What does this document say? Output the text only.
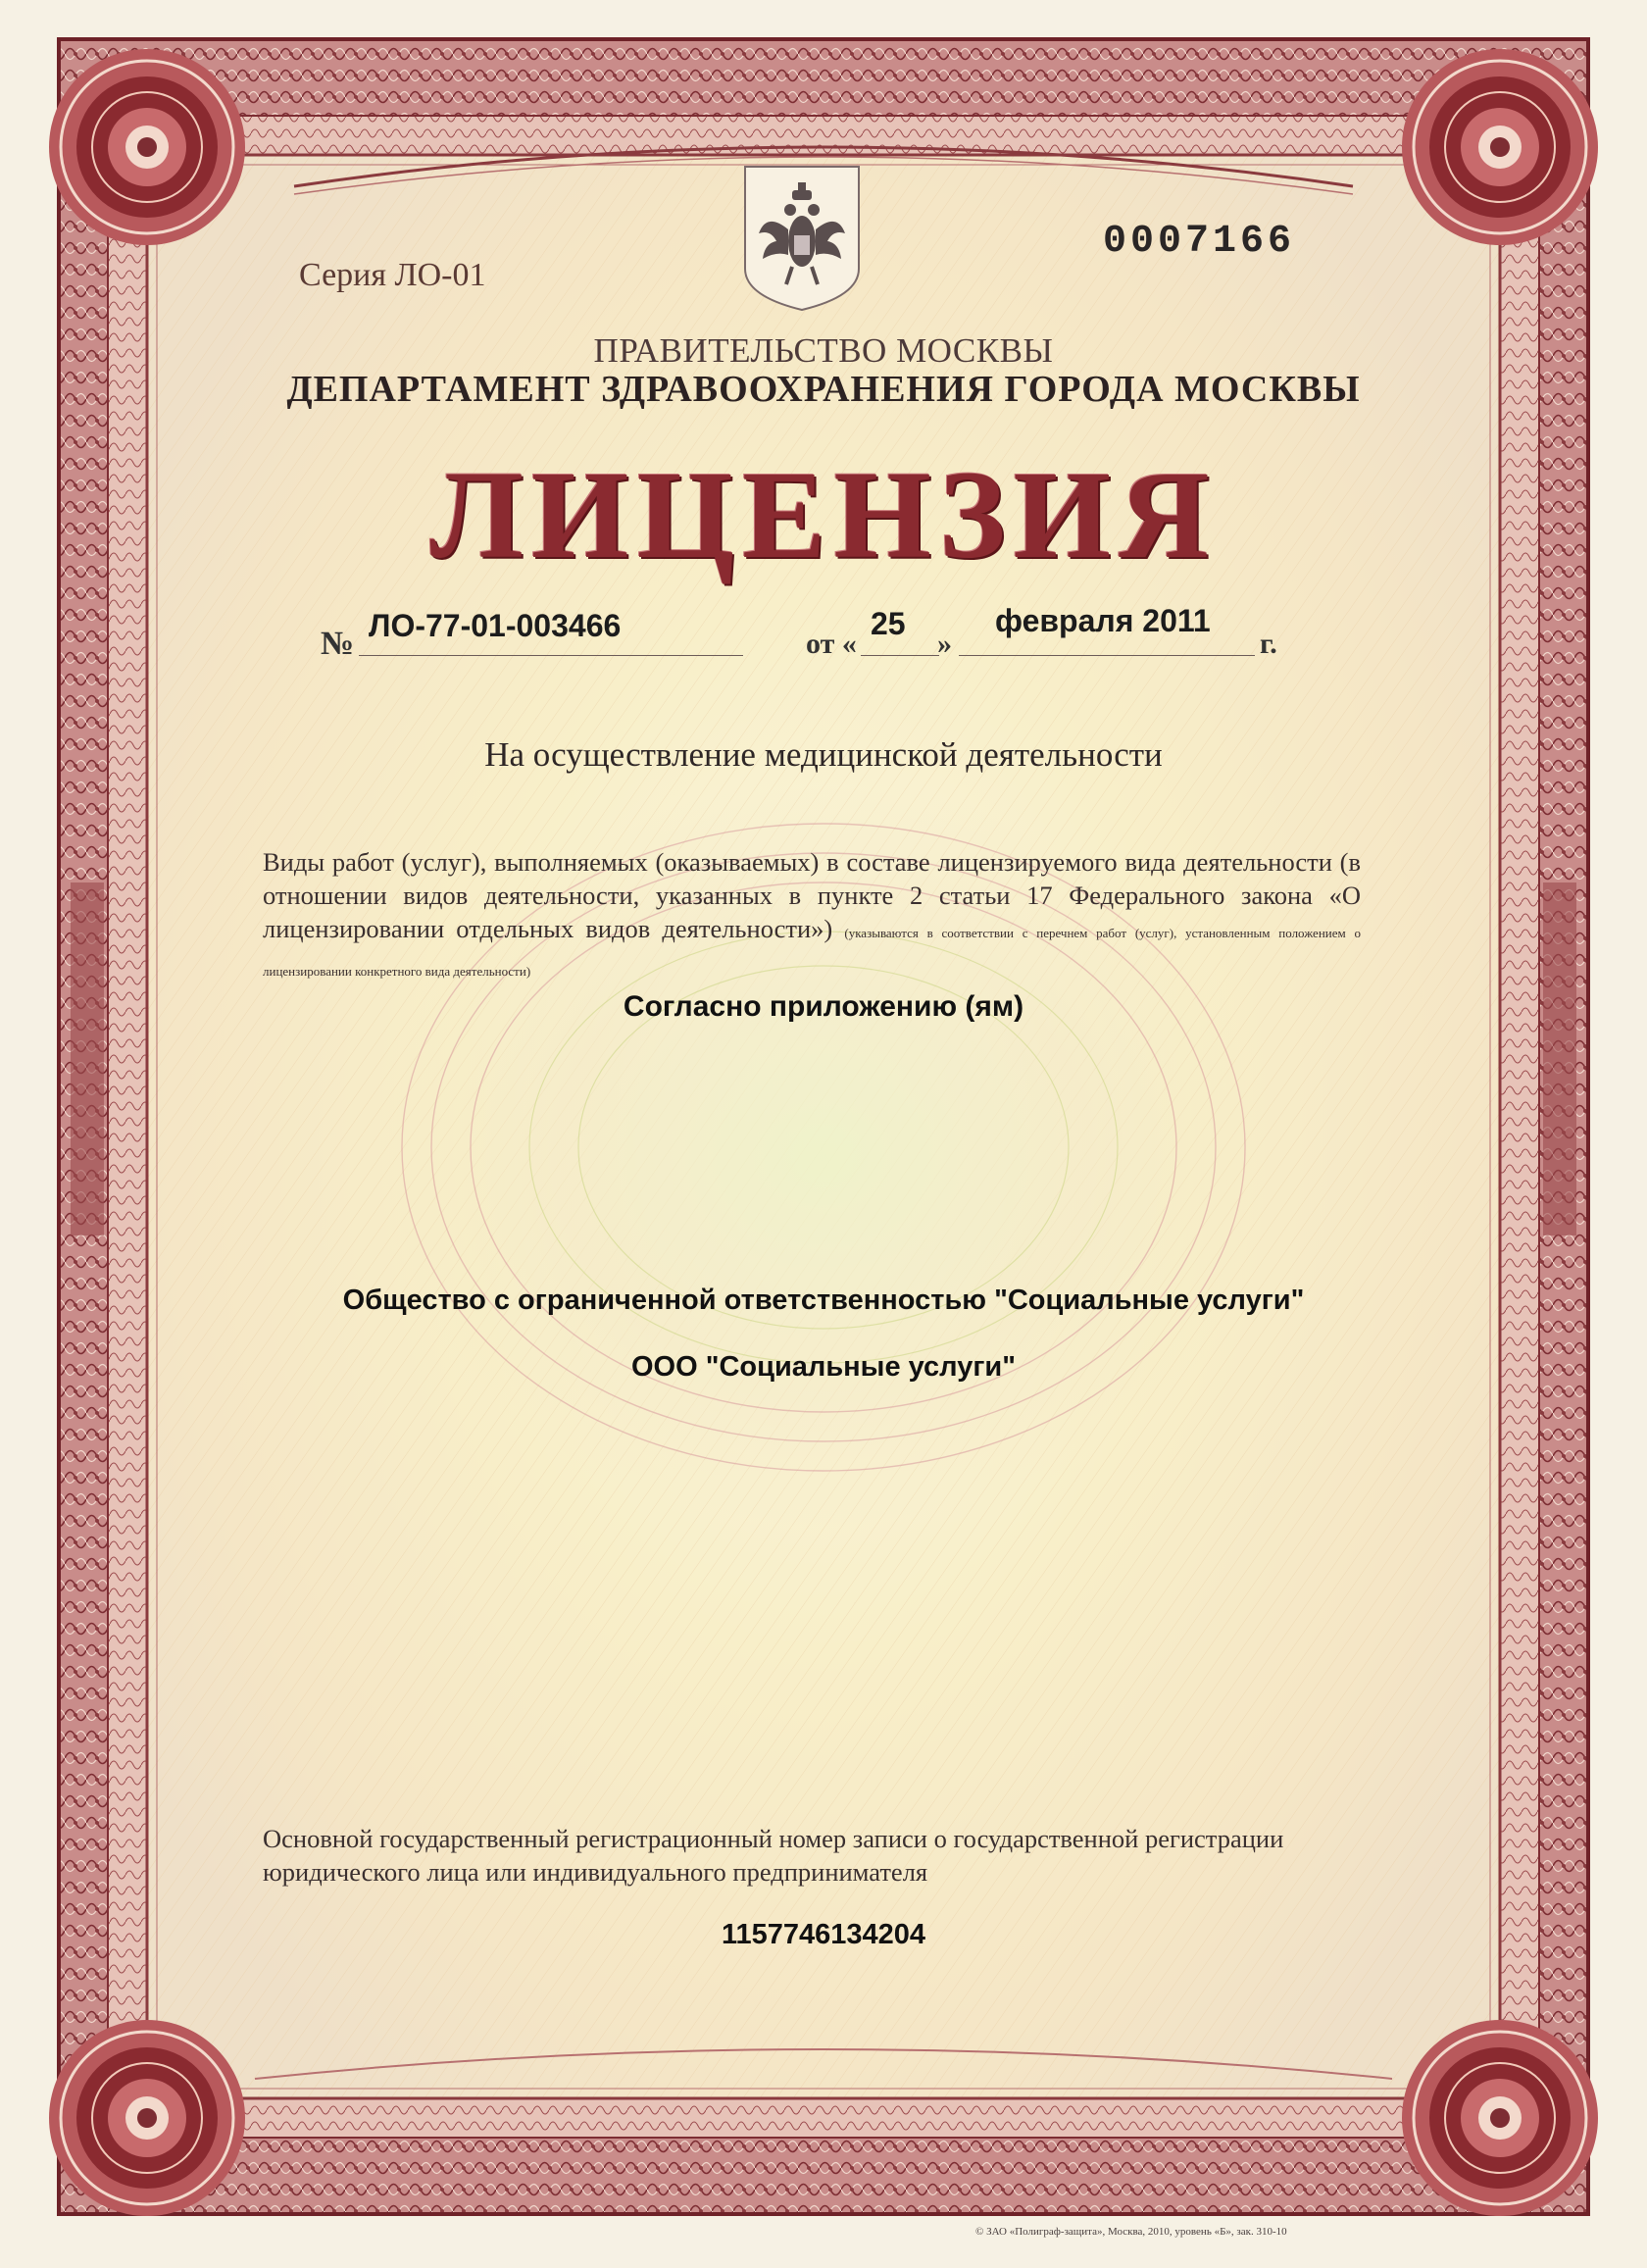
Серия ЛО-01
0007166
ПРАВИТЕЛЬСТВО МОСКВЫ
ДЕПАРТАМЕНТ ЗДРАВООХРАНЕНИЯ ГОРОДА МОСКВЫ
ЛИЦЕНЗИЯ
№ ЛО-77-01-003466
от «
25
»
февраля 2011
г.
На осуществление медицинской деятельности
Виды работ (услуг), выполняемых (оказываемых) в составе лицензируемого вида деятельности (в отношении видов деятельности, указанных в пункте 2 статьи 17 Федерального закона «О лицензировании отдельных видов деятельности») (указываются в соответствии с перечнем работ (услуг), установленным положением о лицензировании конкретного вида деятельности)
Согласно приложению (ям)
Общество с ограниченной ответственностью "Социальные услуги"
ООО "Социальные услуги"
Основной государственный регистрационный номер записи о государственной регистрации юридического лица или индивидуального предпринимателя
1157746134204
© ЗАО «Полиграф-защита», Москва, 2010, уровень «Б», зак. 310-10
